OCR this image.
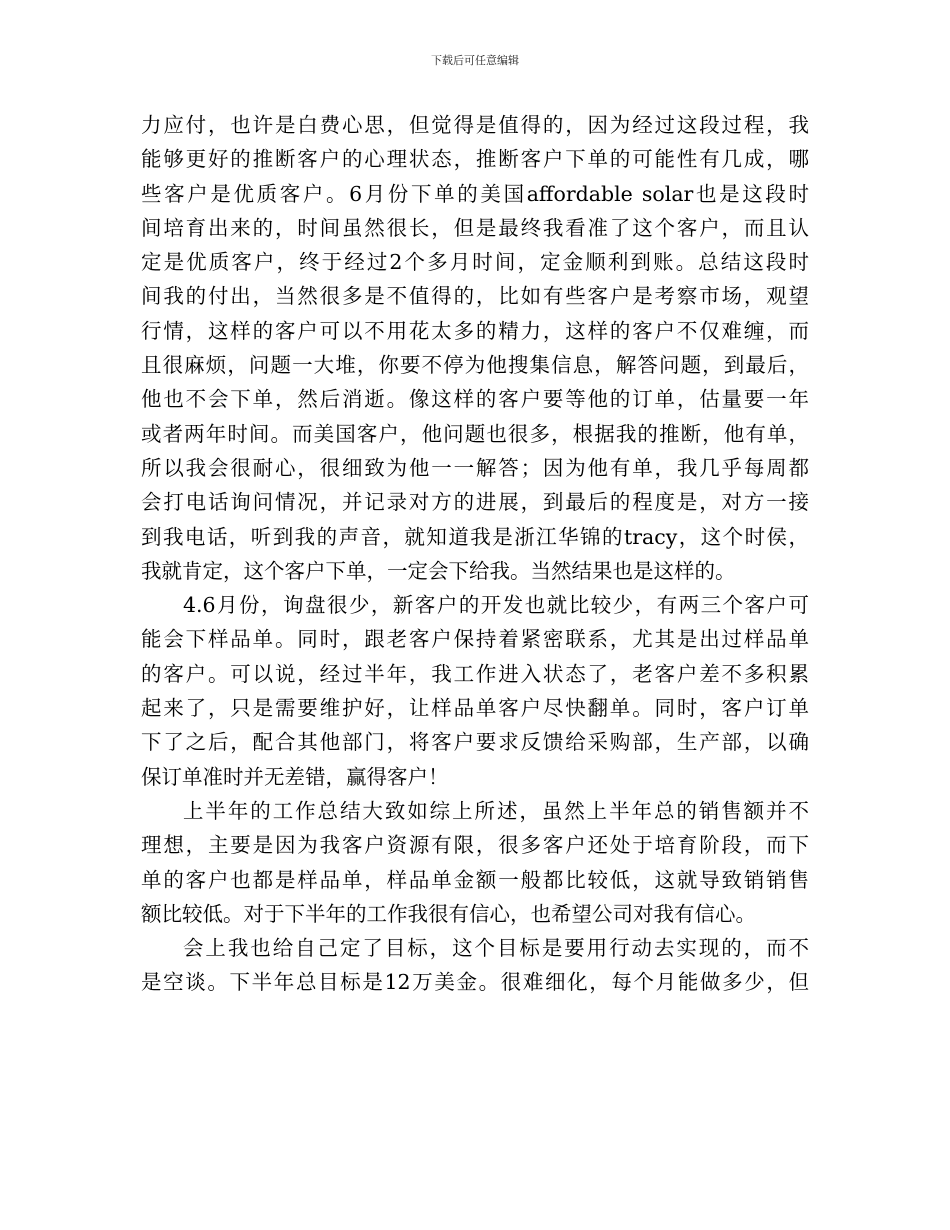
下载后可任意编辑
力应付，也许是白费心思，但觉得是值得的，因为经过这段过程，我
能够更好的推断客户的心理状态，推断客户下单的可能性有几成，哪
些客户是优质客户。6月份下单的美国affordable solar也是这段时
间培育出来的，时间虽然很长，但是最终我看准了这个客户，而且认
定是优质客户，终于经过2个多月时间，定金顺利到账。总结这段时
间我的付出，当然很多是不值得的，比如有些客户是考察市场，观望
行情，这样的客户可以不用花太多的精力，这样的客户不仅难缠，而
且很麻烦，问题一大堆，你要不停为他搜集信息，解答问题，到最后，
他也不会下单，然后消逝。像这样的客户要等他的订单，估量要一年
或者两年时间。而美国客户，他问题也很多，根据我的推断，他有单，
所以我会很耐心，很细致为他一一解答；因为他有单，我几乎每周都
会打电话询问情况，并记录对方的进展，到最后的程度是，对方一接
到我电话，听到我的声音，就知道我是浙江华锦的tracy，这个时侯，
我就肯定，这个客户下单，一定会下给我。当然结果也是这样的。
4.6月份，询盘很少，新客户的开发也就比较少，有两三个客户可
能会下样品单。同时，跟老客户保持着紧密联系，尤其是出过样品单
的客户。可以说，经过半年，我工作进入状态了，老客户差不多积累
起来了，只是需要维护好，让样品单客户尽快翻单。同时，客户订单
下了之后，配合其他部门，将客户要求反馈给采购部，生产部，以确
保订单准时并无差错，赢得客户！
上半年的工作总结大致如综上所述，虽然上半年总的销售额并不
理想，主要是因为我客户资源有限，很多客户还处于培育阶段，而下
单的客户也都是样品单，样品单金额一般都比较低，这就导致销销售
额比较低。对于下半年的工作我很有信心，也希望公司对我有信心。
会上我也给自己定了目标，这个目标是要用行动去实现的，而不
是空谈。下半年总目标是12万美金。很难细化，每个月能做多少，但
